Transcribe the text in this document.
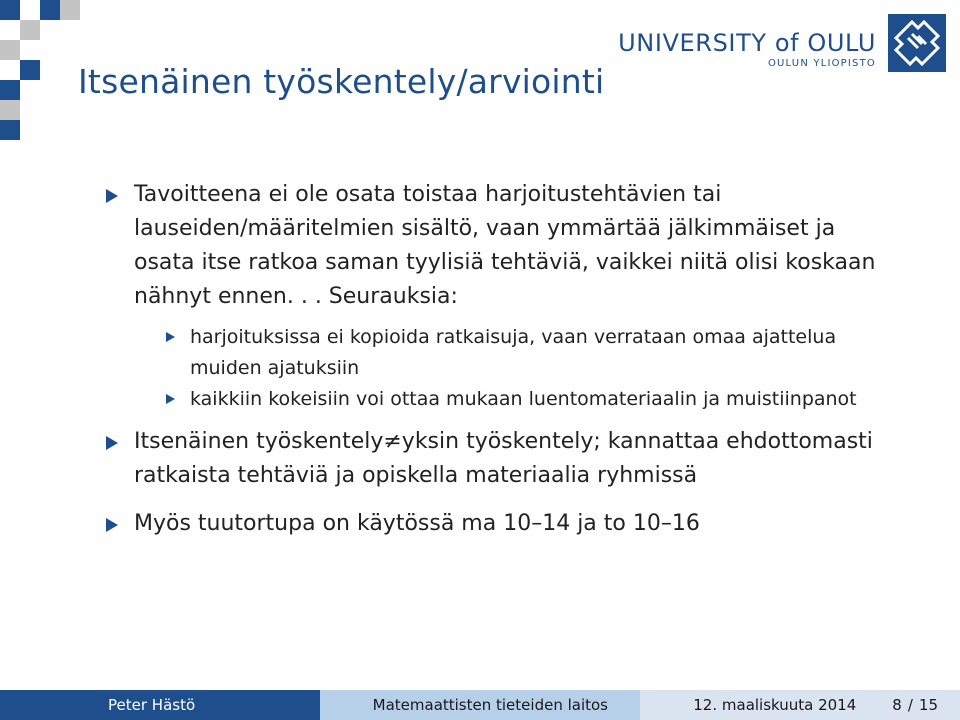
Itsenäinen työskentely/arviointi
UNIVERSITY of OULU
OULUN YLIOPISTO
Tavoitteena ei ole osata toistaa harjoitustehtävien tai lauseiden/määritelmien sisältö, vaan ymmärtää jälkimmäiset ja osata itse ratkoa saman tyylisiä tehtäviä, vaikkei niitä olisi koskaan nähnyt ennen. . . Seurauksia:
harjoituksissa ei kopioida ratkaisuja, vaan verrataan omaa ajattelua muiden ajatuksiin
kaikkiin kokeisiin voi ottaa mukaan luentomateriaalin ja muistiinpanot
Itsenäinen työskentely≠yksin työskentely; kannattaa ehdottomasti ratkaista tehtäviä ja opiskella materiaalia ryhmissä
Myös tuutortupa on käytössä ma 10–14 ja to 10–16
Peter Hästö	Matemaattisten tieteiden laitos	12. maaliskuuta 2014 8 / 15
